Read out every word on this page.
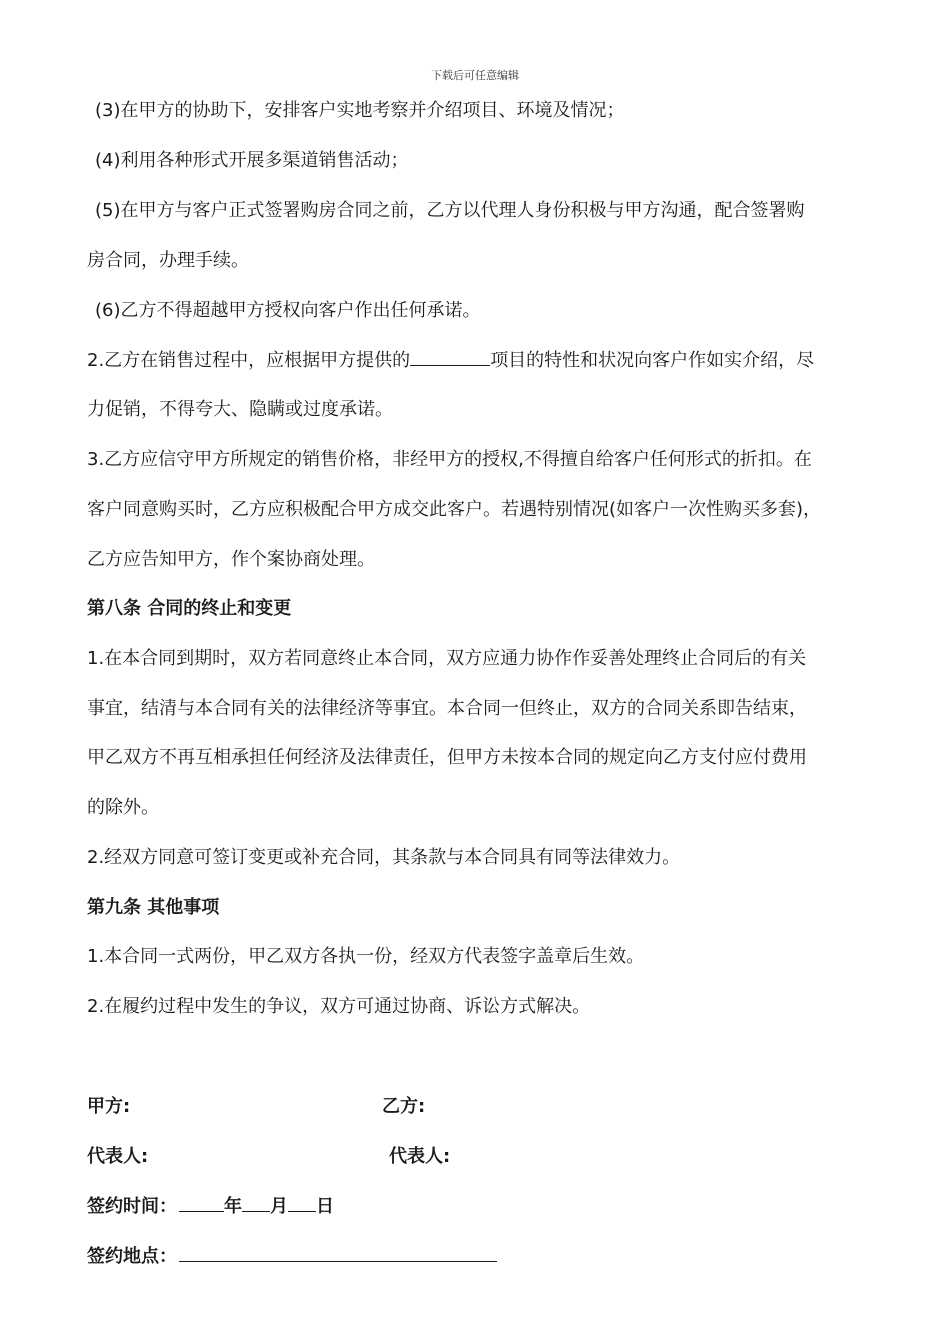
下载后可任意编辑
(3)在甲方的协助下，安排客户实地考察并介绍项目、环境及情况；
(4)利用各种形式开展多渠道销售活动；
(5)在甲方与客户正式签署购房合同之前，乙方以代理人身份积极与甲方沟通，配合签署购
房合同，办理手续。
(6)乙方不得超越甲方授权向客户作出任何承诺。
2.乙方在销售过程中，应根据甲方提供的	项目的特性和状况向客户作如实介绍，尽
力促销，不得夸大、隐瞒或过度承诺。
3.乙方应信守甲方所规定的销售价格，非经甲方的授权,不得擅自给客户任何形式的折扣。在
客户同意购买时，乙方应积极配合甲方成交此客户。若遇特别情况(如客户一次性购买多套)，
乙方应告知甲方，作个案协商处理。
第八条 合同的终止和变更
1.在本合同到期时，双方若同意终止本合同，双方应通力协作作妥善处理终止合同后的有关
事宜，结清与本合同有关的法律经济等事宜。本合同一但终止，双方的合同关系即告结束，
甲乙双方不再互相承担任何经济及法律责任，但甲方未按本合同的规定向乙方支付应付费用
的除外。
2.经双方同意可签订变更或补充合同，其条款与本合同具有同等法律效力。
第九条 其他事项
1.本合同一式两份，甲乙双方各执一份，经双方代表签字盖章后生效。
2.在履约过程中发生的争议，双方可通过协商、诉讼方式解决。
甲方:	乙方:
代表人:	代表人:
签约时间：	年 月 日
签约地点：
